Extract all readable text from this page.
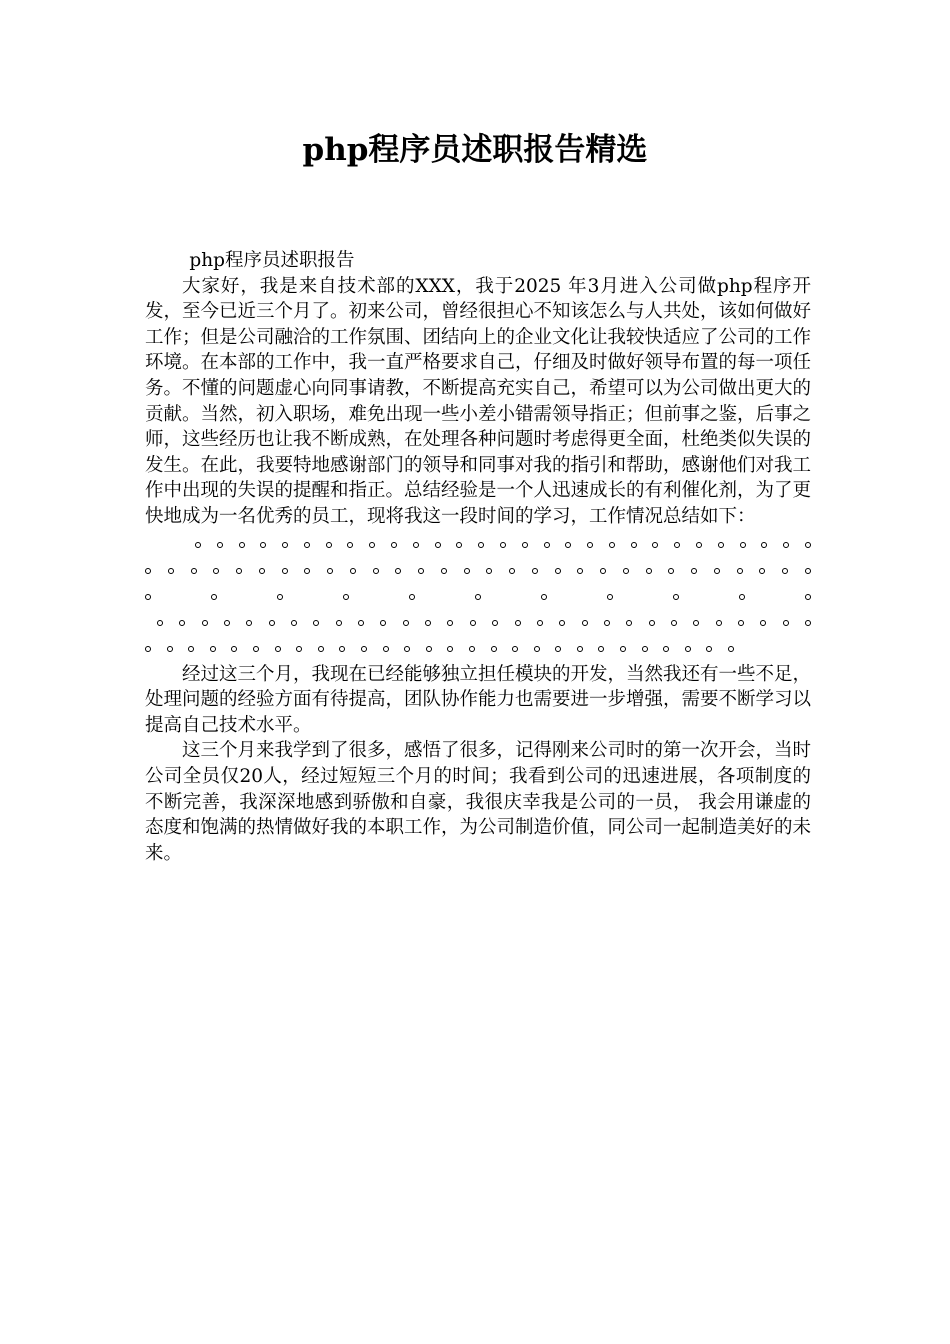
php程序员述职报告精选

php程序员述职报告

大家好，我是来自技术部的XXX，我于2025 年3月进入公司做php程序开发，至今已近三个月了。初来公司，曾经很担心不知该怎么与人共处，该如何做好工作；但是公司融洽的工作氛围、团结向上的企业文化让我较快适应了公司的工作环境。在本部的工作中，我一直严格要求自己，仔细及时做好领导布置的每一项任务。不懂的问题虚心向同事请教，不断提高充实自己，希望可以为公司做出更大的贡献。当然，初入职场，难免出现一些小差小错需领导指正；但前事之鉴，后事之师，这些经历也让我不断成熟，在处理各种问题时考虑得更全面，杜绝类似失误的发生。在此，我要特地感谢部门的领导和同事对我的指引和帮助，感谢他们对我工作中出现的失误的提醒和指正。总结经验是一个人迅速成长的有利催化剂，为了更快地成为一名优秀的员工，现将我这一段时间的学习，工作情况总结如下：

经过这三个月，我现在已经能够独立担任模块的开发，当然我还有一些不足，处理问题的经验方面有待提高，团队协作能力也需要进一步增强，需要不断学习以提高自己技术水平。

这三个月来我学到了很多，感悟了很多，记得刚来公司时的第一次开会，当时公司全员仅20人，经过短短三个月的时间；我看到公司的迅速进展，各项制度的不断完善，我深深地感到骄傲和自豪，我很庆幸我是公司的一员， 我会用谦虚的态度和饱满的热情做好我的本职工作，为公司制造价值，同公司一起制造美好的未来。
